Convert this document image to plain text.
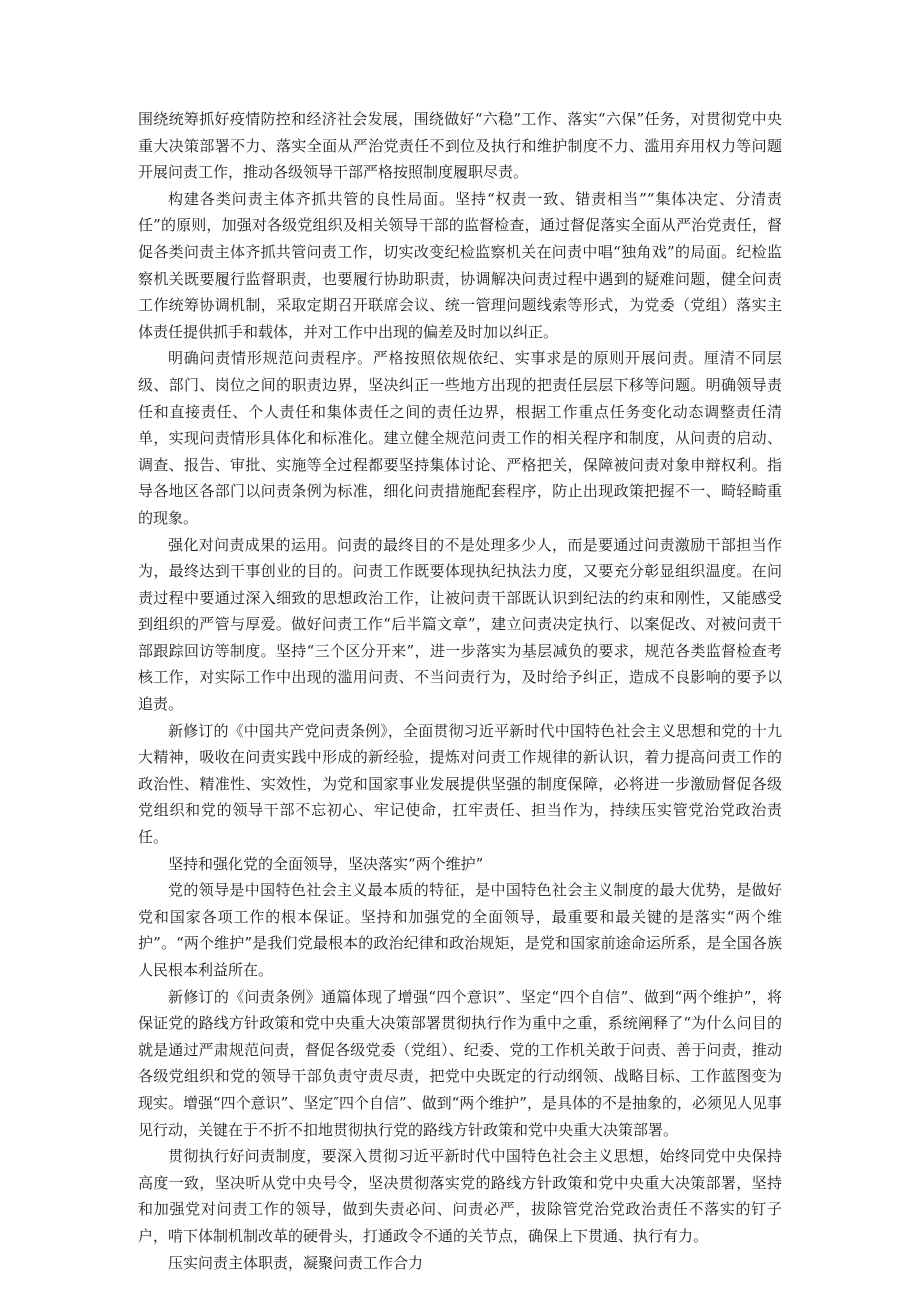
围绕统筹抓好疫情防控和经济社会发展，围绕做好“六稳”工作、落实“六保”任务，对贯彻党中央重大决策部署不力、落实全面从严治党责任不到位及执行和维护制度不力、滥用弃用权力等问题开展问责工作，推动各级领导干部严格按照制度履职尽责。

构建各类问责主体齐抓共管的良性局面。坚持“权责一致、错责相当”“集体决定、分清责任”的原则，加强对各级党组织及相关领导干部的监督检查，通过督促落实全面从严治党责任，督促各类问责主体齐抓共管问责工作，切实改变纪检监察机关在问责中唱“独角戏”的局面。纪检监察机关既要履行监督职责，也要履行协助职责，协调解决问责过程中遇到的疑难问题，健全问责工作统筹协调机制，采取定期召开联席会议、统一管理问题线索等形式，为党委（党组）落实主体责任提供抓手和载体，并对工作中出现的偏差及时加以纠正。

明确问责情形规范问责程序。严格按照依规依纪、实事求是的原则开展问责。厘清不同层级、部门、岗位之间的职责边界，坚决纠正一些地方出现的把责任层层下移等问题。明确领导责任和直接责任、个人责任和集体责任之间的责任边界，根据工作重点任务变化动态调整责任清单，实现问责情形具体化和标准化。建立健全规范问责工作的相关程序和制度，从问责的启动、调查、报告、审批、实施等全过程都要坚持集体讨论、严格把关，保障被问责对象申辩权利。指导各地区各部门以问责条例为标准，细化问责措施配套程序，防止出现政策把握不一、畸轻畸重的现象。

强化对问责成果的运用。问责的最终目的不是处理多少人，而是要通过问责激励干部担当作为，最终达到干事创业的目的。问责工作既要体现执纪执法力度，又要充分彰显组织温度。在问责过程中要通过深入细致的思想政治工作，让被问责干部既认识到纪法的约束和刚性，又能感受到组织的严管与厚爱。做好问责工作“后半篇文章”，建立问责决定执行、以案促改、对被问责干部跟踪回访等制度。坚持“三个区分开来”，进一步落实为基层减负的要求，规范各类监督检查考核工作，对实际工作中出现的滥用问责、不当问责行为，及时给予纠正，造成不良影响的要予以追责。

新修订的《中国共产党问责条例》，全面贯彻习近平新时代中国特色社会主义思想和党的十九大精神，吸收在问责实践中形成的新经验，提炼对问责工作规律的新认识，着力提高问责工作的政治性、精准性、实效性，为党和国家事业发展提供坚强的制度保障，必将进一步激励督促各级党组织和党的领导干部不忘初心、牢记使命，扛牢责任、担当作为，持续压实管党治党政治责任。

坚持和强化党的全面领导，坚决落实“两个维护”

党的领导是中国特色社会主义最本质的特征，是中国特色社会主义制度的最大优势，是做好党和国家各项工作的根本保证。坚持和加强党的全面领导，最重要和最关键的是落实“两个维护”。“两个维护”是我们党最根本的政治纪律和政治规矩，是党和国家前途命运所系，是全国各族人民根本利益所在。

新修订的《问责条例》通篇体现了增强“四个意识”、坚定“四个自信”、做到“两个维护”，将保证党的路线方针政策和党中央重大决策部署贯彻执行作为重中之重，系统阐释了“为什么问目的就是通过严肃规范问责，督促各级党委（党组）、纪委、党的工作机关敢于问责、善于问责，推动各级党组织和党的领导干部负责守责尽责，把党中央既定的行动纲领、战略目标、工作蓝图变为现实。增强“四个意识”、坚定″四个自信”、做到“两个维护”，是具体的不是抽象的，必须见人见事见行动，关键在于不折不扣地贯彻执行党的路线方针政策和党中央重大决策部署。

贯彻执行好问责制度，要深入贯彻习近平新时代中国特色社会主义思想，始终同党中央保持高度一致，坚决听从党中央号令，坚决贯彻落实党的路线方针政策和党中央重大决策部署，坚持和加强党对问责工作的领导，做到失责必问、问责必严，拔除管党治党政治责任不落实的钉子户，啃下体制机制改革的硬骨头，打通政令不通的关节点，确保上下贯通、执行有力。

压实问责主体职责，凝聚问责工作合力
